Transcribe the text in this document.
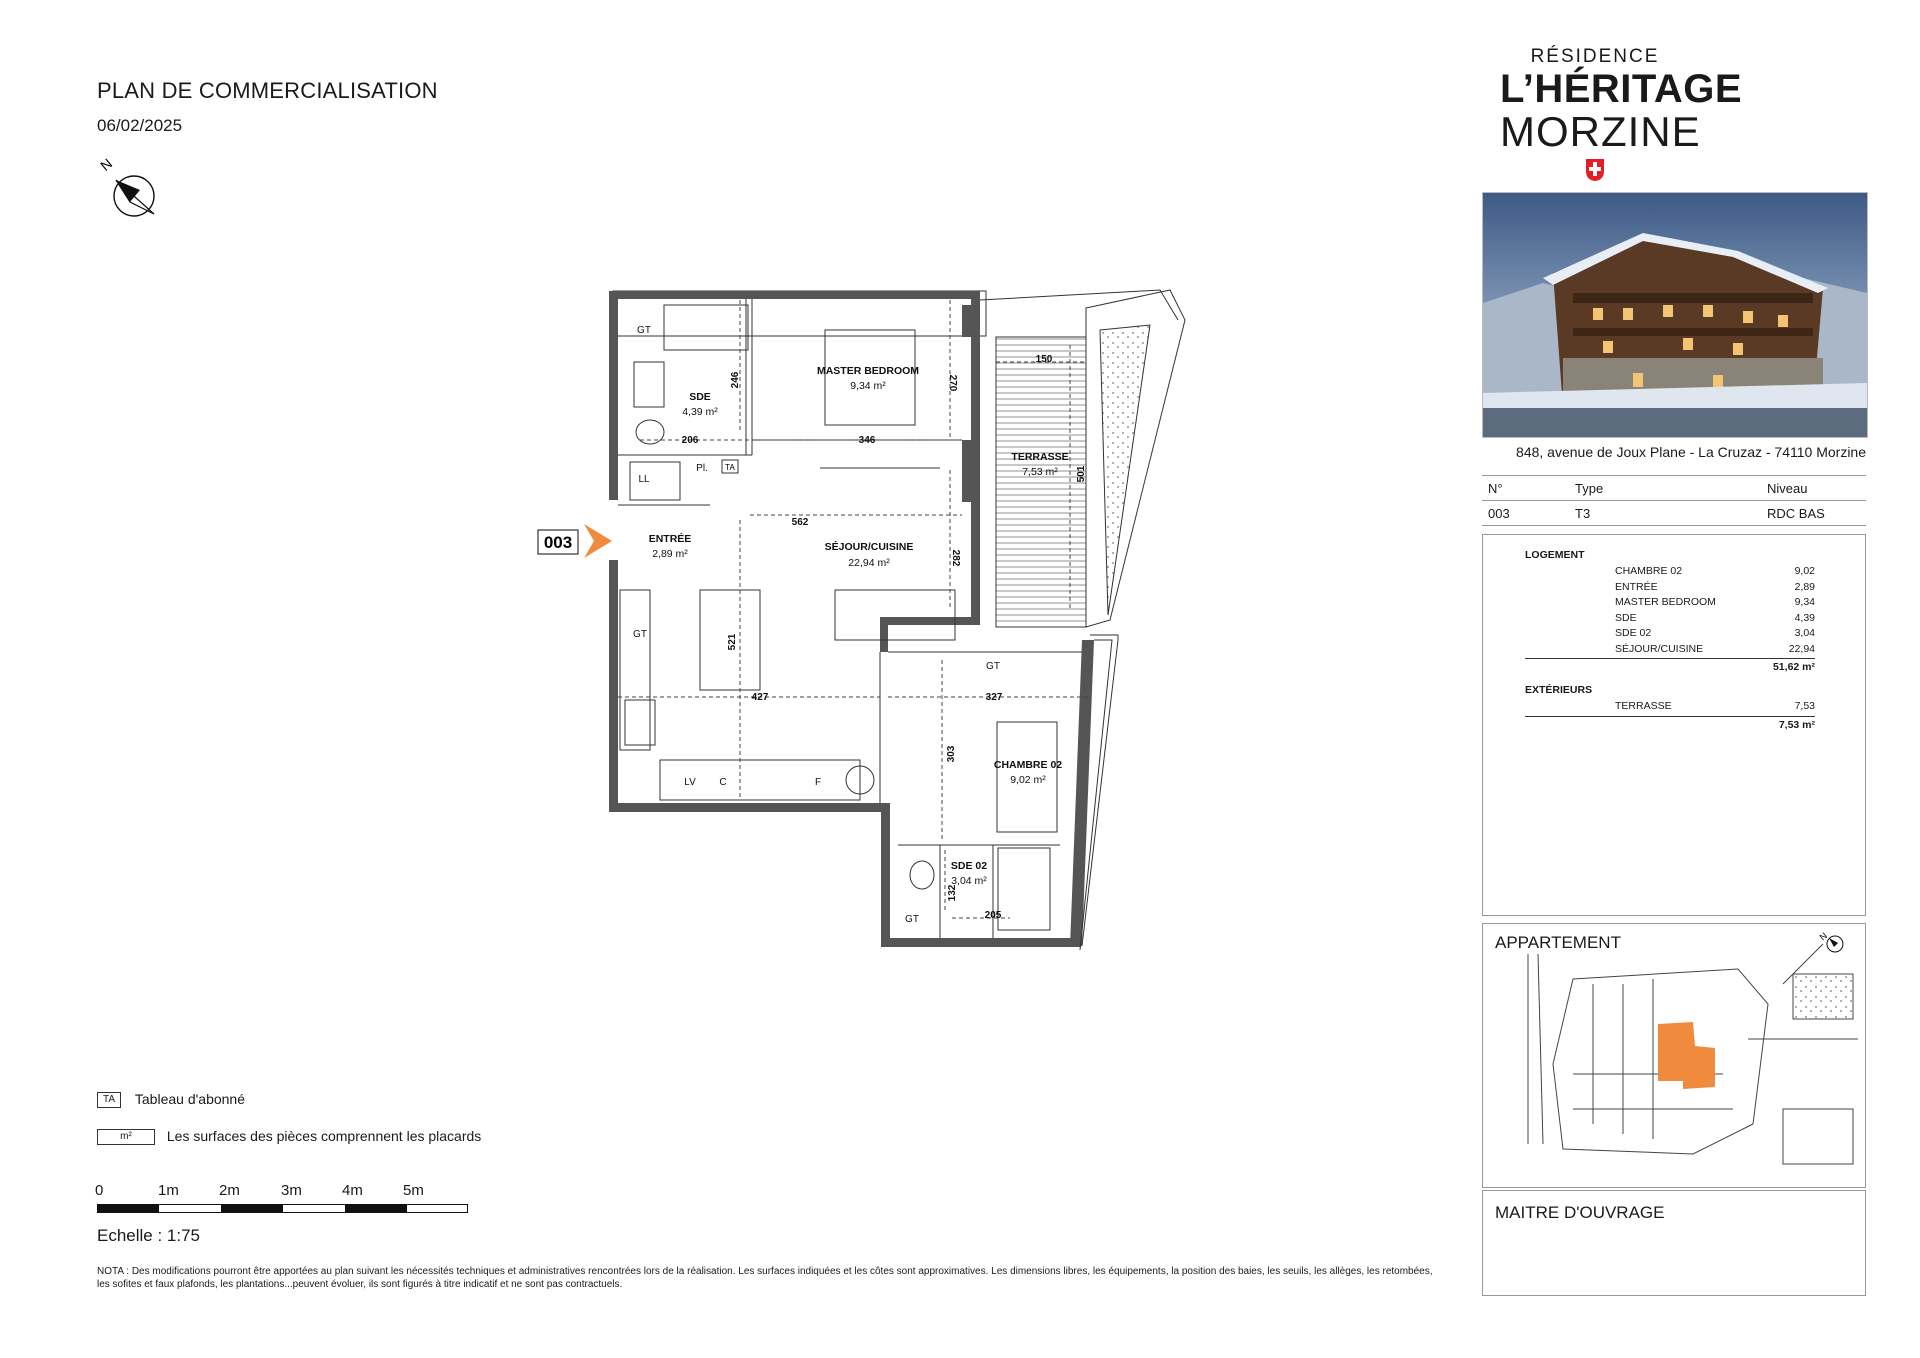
PLAN DE COMMERCIALISATION
06/02/2025
N
003
SDE
4,39 m²
MASTER BEDROOM
9,34 m²
TERRASSE
7,53 m²
ENTRÉE
2,89 m²
SÉJOUR/CUISINE
22,94 m²
CHAMBRE 02
9,02 m²
SDE 02
3,04 m²
246	270
206	346
150
501
562
282
521
427	327
303
132
205
GT
LL
Pl.
GT
LV C	F
GT
GT
TA
RÉSIDENCE
L’HÉRITAGE
MORZINE
848, avenue de Joux Plane - La Cruzaz - 74110 Morzine
N°	Type	Niveau
003	T3	RDC BAS
LOGEMENT
CHAMBRE 02	9,02
ENTRÉE	2,89
MASTER BEDROOM	9,34
SDE	4,39
SDE 02	3,04
SÉJOUR/CUISINE	22,94
51,62 m²
EXTÉRIEURS
TERRASSE	7,53
7,53 m²
APPARTEMENT	N
MAITRE D'OUVRAGE
TA Tableau d'abonné
m²	Les surfaces des pièces comprennent les placards
0	1m	2m	3m	4m	5m
Echelle : 1:75
NOTA : Des modifications pourront être apportées au plan suivant les nécessités techniques et administratives rencontrées lors de la réalisation. Les surfaces indiquées et les côtes sont approximatives. Les dimensions libres, les équipements, la position des baies, les seuils, les allèges, les retombées, les sofites et faux plafonds, les plantations...peuvent évoluer, ils sont figurés à titre indicatif et ne sont pas contractuels.
